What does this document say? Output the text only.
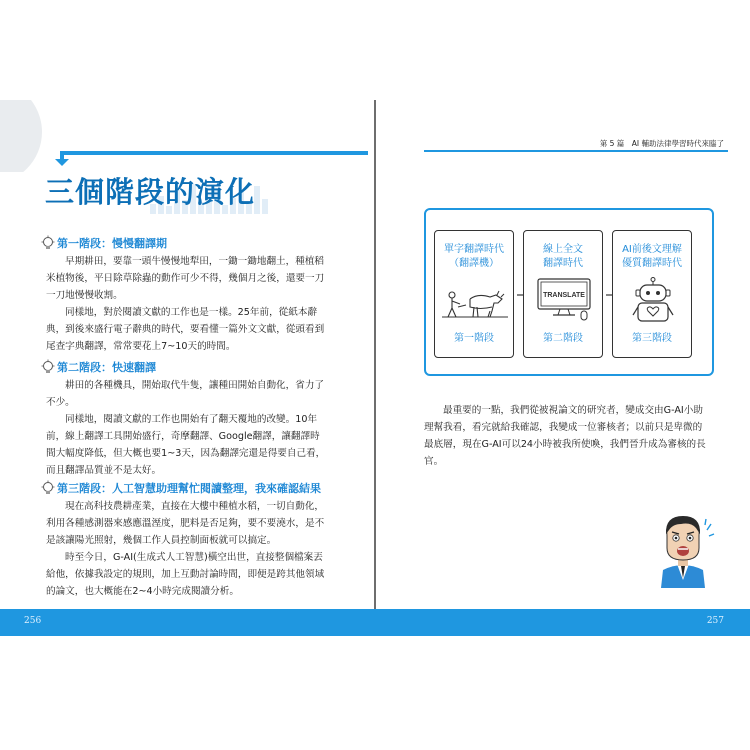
三個階段的演化
第一階段：慢慢翻譯期
早期耕田，要靠一頭牛慢慢地犁田，一鋤一鋤地翻土，種植稻米植物後，平日除草除蟲的動作可少不得，幾個月之後，還要一刀一刀地慢慢收割。
同樣地，對於閱讀文獻的工作也是一樣。25年前，從紙本辭典，到後來盛行電子辭典的時代，要看懂一篇外文文獻，從頭看到尾查字典翻譯，常常要花上7~10天的時間。
第二階段：快速翻譯
耕田的各種機具，開始取代牛隻，讓種田開始自動化，省力了不少。
同樣地，閱讀文獻的工作也開始有了翻天覆地的改變。10年前，線上翻譯工具開始盛行，奇摩翻譯、Google翻譯，讓翻譯時間大幅度降低，但大概也要1~3天，因為翻譯完還是得要自己看，而且翻譯品質並不是太好。
第三階段：人工智慧助理幫忙閱讀整理，我來確認結果
現在高科技農耕產業，直接在大樓中種植水稻，一切自動化，利用各種感測器來感應溫溼度，肥料是否足夠，要不要澆水，是不是該讓陽光照射，幾個工作人員控制面板就可以搞定。
時至今日，G-AI(生成式人工智慧)橫空出世，直接整個檔案丟給他，依據我設定的規則，加上互動討論時間，即便是跨其他領域的論文，也大概能在2~4小時完成閱讀分析。
第 5 篇　AI 輔助法律學習時代來臨了
單字翻譯時代
（翻譯機）
第一階段
線上全文
翻譯時代
TRANSLATE
第二階段
AI前後文理解
優質翻譯時代
第三階段
最重要的一點，我們從被視論文的研究者，變成交由G-AI小助理幫我看，看完就給我確認，我變成一位審核者；以前只是卑微的最底層，現在G-AI可以24小時被我所使喚，我們晉升成為審核的長官。
256	257
